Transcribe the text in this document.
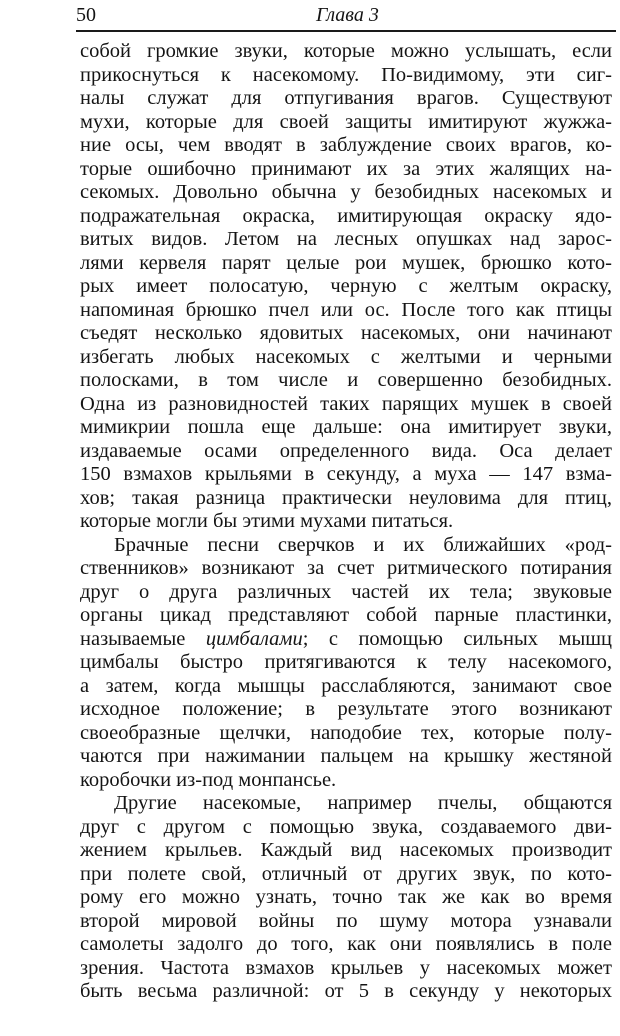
50	Глава 3
собой громкие звуки, которые можно услышать, если
прикоснуться к насекомому. По-видимому, эти сиг-
налы служат для отпугивания врагов. Существуют
мухи, которые для своей защиты имитируют жужжа-
ние осы, чем вводят в заблуждение своих врагов, ко-
торые ошибочно принимают их за этих жалящих на-
секомых. Довольно обычна у безобидных насекомых и
подражательная окраска, имитирующая окраску ядо-
витых видов. Летом на лесных опушках над зарос-
лями кервеля парят целые рои мушек, брюшко кото-
рых имеет полосатую, черную с желтым окраску,
напоминая брюшко пчел или ос. После того как птицы
съедят несколько ядовитых насекомых, они начинают
избегать любых насекомых с желтыми и черными
полосками, в том числе и совершенно безобидных.
Одна из разновидностей таких парящих мушек в своей
мимикрии пошла еще дальше: она имитирует звуки,
издаваемые осами определенного вида. Оса делает
150 взмахов крыльями в секунду, а муха — 147 взма-
хов; такая разница практически неуловима для птиц,
которые могли бы этими мухами питаться.
Брачные песни сверчков и их ближайших «род-
ственников» возникают за счет ритмического потирания
друг о друга различных частей их тела; звуковые
органы цикад представляют собой парные пластинки,
называемые цимбалами; с помощью сильных мышц
цимбалы быстро притягиваются к телу насекомого,
а затем, когда мышцы расслабляются, занимают свое
исходное положение; в результате этого возникают
своеобразные щелчки, наподобие тех, которые полу-
чаются при нажимании пальцем на крышку жестяной
коробочки из-под монпансье.
Другие насекомые, например пчелы, общаются
друг с другом с помощью звука, создаваемого дви-
жением крыльев. Каждый вид насекомых производит
при полете свой, отличный от других звук, по кото-
рому его можно узнать, точно так же как во время
второй мировой войны по шуму мотора узнавали
самолеты задолго до того, как они появлялись в поле
зрения. Частота взмахов крыльев у насекомых может
быть весьма различной: от 5 в секунду у некоторых
